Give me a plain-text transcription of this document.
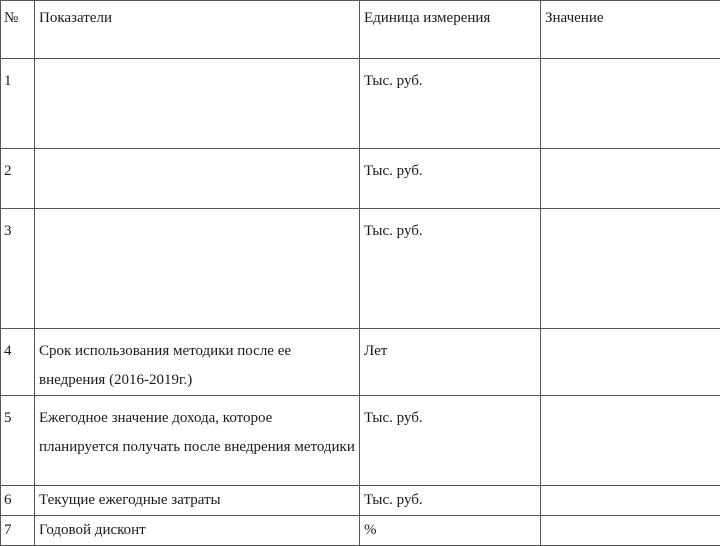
№	Показатели	Единица измерения	Значение
1		Тыс. руб.	
2		Тыс. руб.	
3		Тыс. руб.	
4	Срок использования методики после ее внедрения (2016-2019г.)	Лет	
5	Ежегодное значение дохода, которое планируется получать после внедрения методики	Тыс. руб.	
6	Текущие ежегодные затраты	Тыс. руб.	
7	Годовой дисконт	%	
